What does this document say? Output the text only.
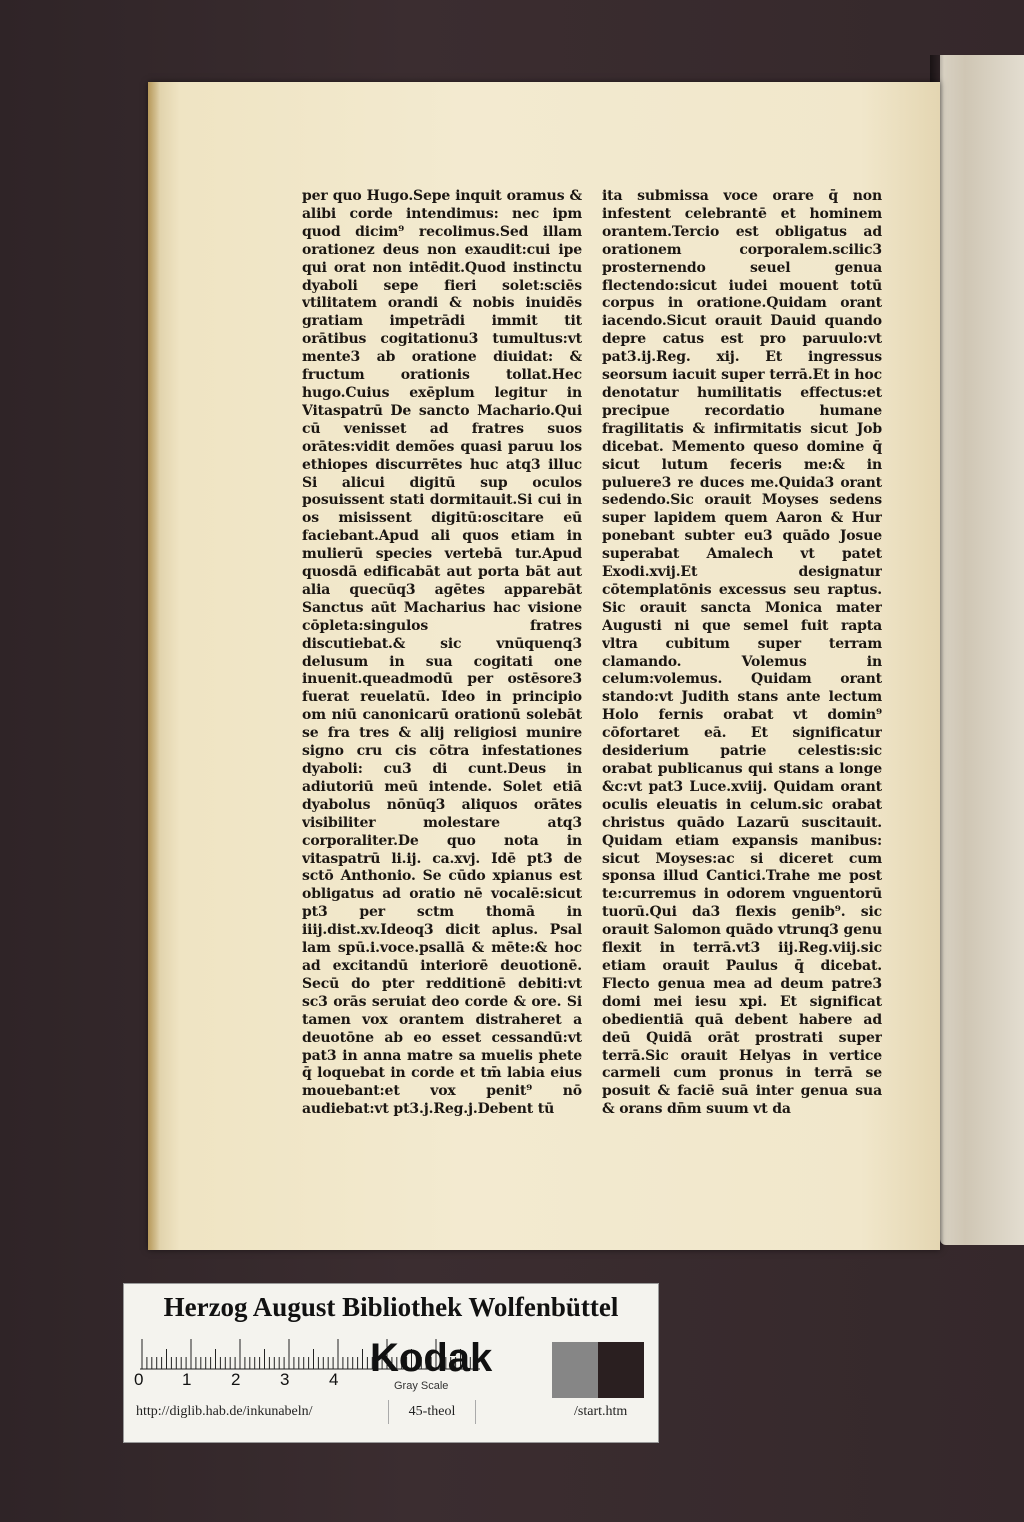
per quo Hugo.Sepe inquit oramus & alibi corde intendimus: nec ipm quod dicim⁹ recolimus.Sed illam orationez deus non exaudit:cui ipe qui orat non intēdit.Quod instinctu dyaboli sepe fieri solet:sciēs vtilitatem orandi & nobis inuidēs gratiam impetrādi immit tit orātibus cogitationu3 tumultus:vt mente3 ab oratione diuidat: & fructum orationis tollat.Hec hugo.Cuius exēplum legitur in Vitaspatrū De sancto Machario.Qui cū venisset ad fratres suos orātes:vidit demões quasi paruu los ethiopes discurrētes huc atq3 illuc Si alicui digitū sup oculos posuissent stati dormitauit.Si cui in os misissent digitū:oscitare eū faciebant.Apud ali quos etiam in mulierū species vertebā tur.Apud quosdā edificabāt aut porta bāt aut alia quecūq3 agētes apparebāt Sanctus aūt Macharius hac visione cōpleta:singulos fratres discutiebat.& sic vnūquenq3 delusum in sua cogitati one inuenit.queadmodū per ostēsore3 fuerat reuelatū. Ideo in principio om niū canonicarū orationū solebāt se fra tres & alij religiosi munire signo cru cis cōtra infestationes dyaboli: cu3 di cunt.Deus in adiutoriū meū intende. Solet etiā dyabolus nōnūq3 aliquos orātes visibiliter molestare atq3 corporaliter.De quo nota in vitaspatrū li.ij. ca.xvj. Idē pt3 de sctō Anthonio. Se cūdo xpianus est obligatus ad oratio nē vocalē:sicut pt3 per sctm thomā in iiij.dist.xv.Ideoq3 dicit aplus. Psal lam spū.i.voce.psallā & mēte:& hoc ad excitandū interiorē deuotionē. Secū do pter redditionē debiti:vt sc3 orās seruiat deo corde & ore. Si tamen vox orantem distraheret a deuotōne ab eo esset cessandū:vt pat3 in anna matre sa muelis phete q̄ loquebat in corde et tm̄ labia eius mouebant:et vox penit⁹ nō audiebat:vt pt3.j.Reg.j.Debent tū
ita submissa voce orare q̄ non infestent celebrantē et hominem orantem.Tercio est obligatus ad orationem corporalem.scilic3 prosternendo seuel genua flectendo:sicut iudei mouent totū corpus in oratione.Quidam orant iacendo.Sicut orauit Dauid quando depre catus est pro paruulo:vt pat3.ij.Reg. xij. Et ingressus seorsum iacuit super terrā.Et in hoc denotatur humilitatis effectus:et precipue recordatio humane fragilitatis & infirmitatis sicut Job dicebat. Memento queso domine q̄ sicut lutum feceris me:& in puluere3 re duces me.Quida3 orant sedendo.Sic orauit Moyses sedens super lapidem quem Aaron & Hur ponebant subter eu3 quādo Josue superabat Amalech vt patet Exodi.xvij.Et designatur cōtemplatōnis excessus seu raptus. Sic orauit sancta Monica mater Augusti ni que semel fuit rapta vltra cubitum super terram clamando. Volemus in celum:volemus. Quidam orant stando:vt Judith stans ante lectum Holo fernis orabat vt domin⁹ cōfortaret eā. Et significatur desiderium patrie celestis:sic orabat publicanus qui stans a longe &c:vt pat3 Luce.xviij. Quidam orant oculis eleuatis in celum.sic orabat christus quādo Lazarū suscitauit. Quidam etiam expansis manibus: sicut Moyses:ac si diceret cum sponsa illud Cantici.Trahe me post te:curremus in odorem vnguentorū tuorū.Qui da3 flexis genib⁹. sic orauit Salomon quādo vtrunq3 genu flexit in terrā.vt3 iij.Reg.viij.sic etiam orauit Paulus q̄ dicebat. Flecto genua mea ad deum patre3 domi mei iesu xpi. Et significat obedientiā quā debent habere ad deū Quidā orāt prostrati super terrā.Sic orauit Helyas in vertice carmeli cum pronus in terrā se posuit & faciē suā inter genua sua & orans dn̄m suum vt da
Herzog August Bibliothek Wolfenbüttel
0 1 2 3 4 Kodak
Gray Scale
http://diglib.hab.de/inkunabeln/	45-theol	/start.htm
